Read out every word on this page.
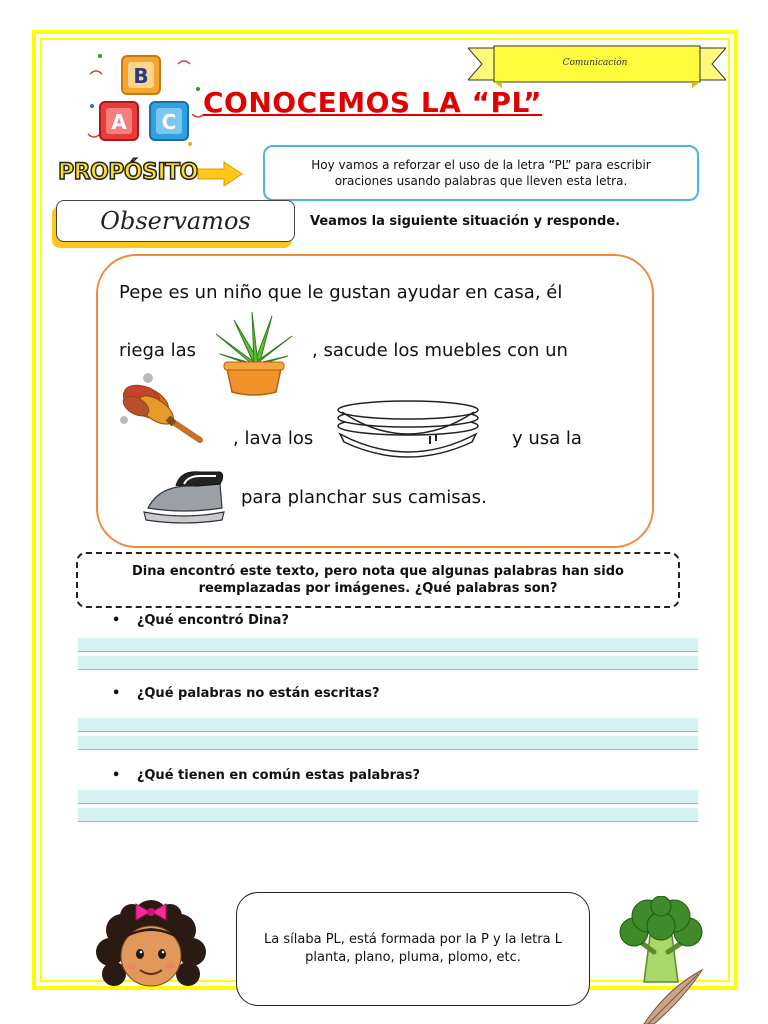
B
A C
CONOCEMOS LA “PL”
Comunicación
PROPÓSITO	Hoy vamos a reforzar el uso de la letra “PL” para escribir oraciones usando palabras que lleven esta letra.
Observamos	Veamos la siguiente situación y responde.
Pepe es un niño que le gustan ayudar en casa, él
riega las	, sacude los muebles con un
, lava los	y usa la
para planchar sus camisas.
Dina encontró este texto, pero nota que algunas palabras han sido reemplazadas por imágenes. ¿Qué palabras son?
• ¿Qué encontró Dina?
• ¿Qué palabras no están escritas?
• ¿Qué tienen en común estas palabras?
La sílaba PL, está formada por la P y la letra L planta, plano, pluma, plomo, etc.
